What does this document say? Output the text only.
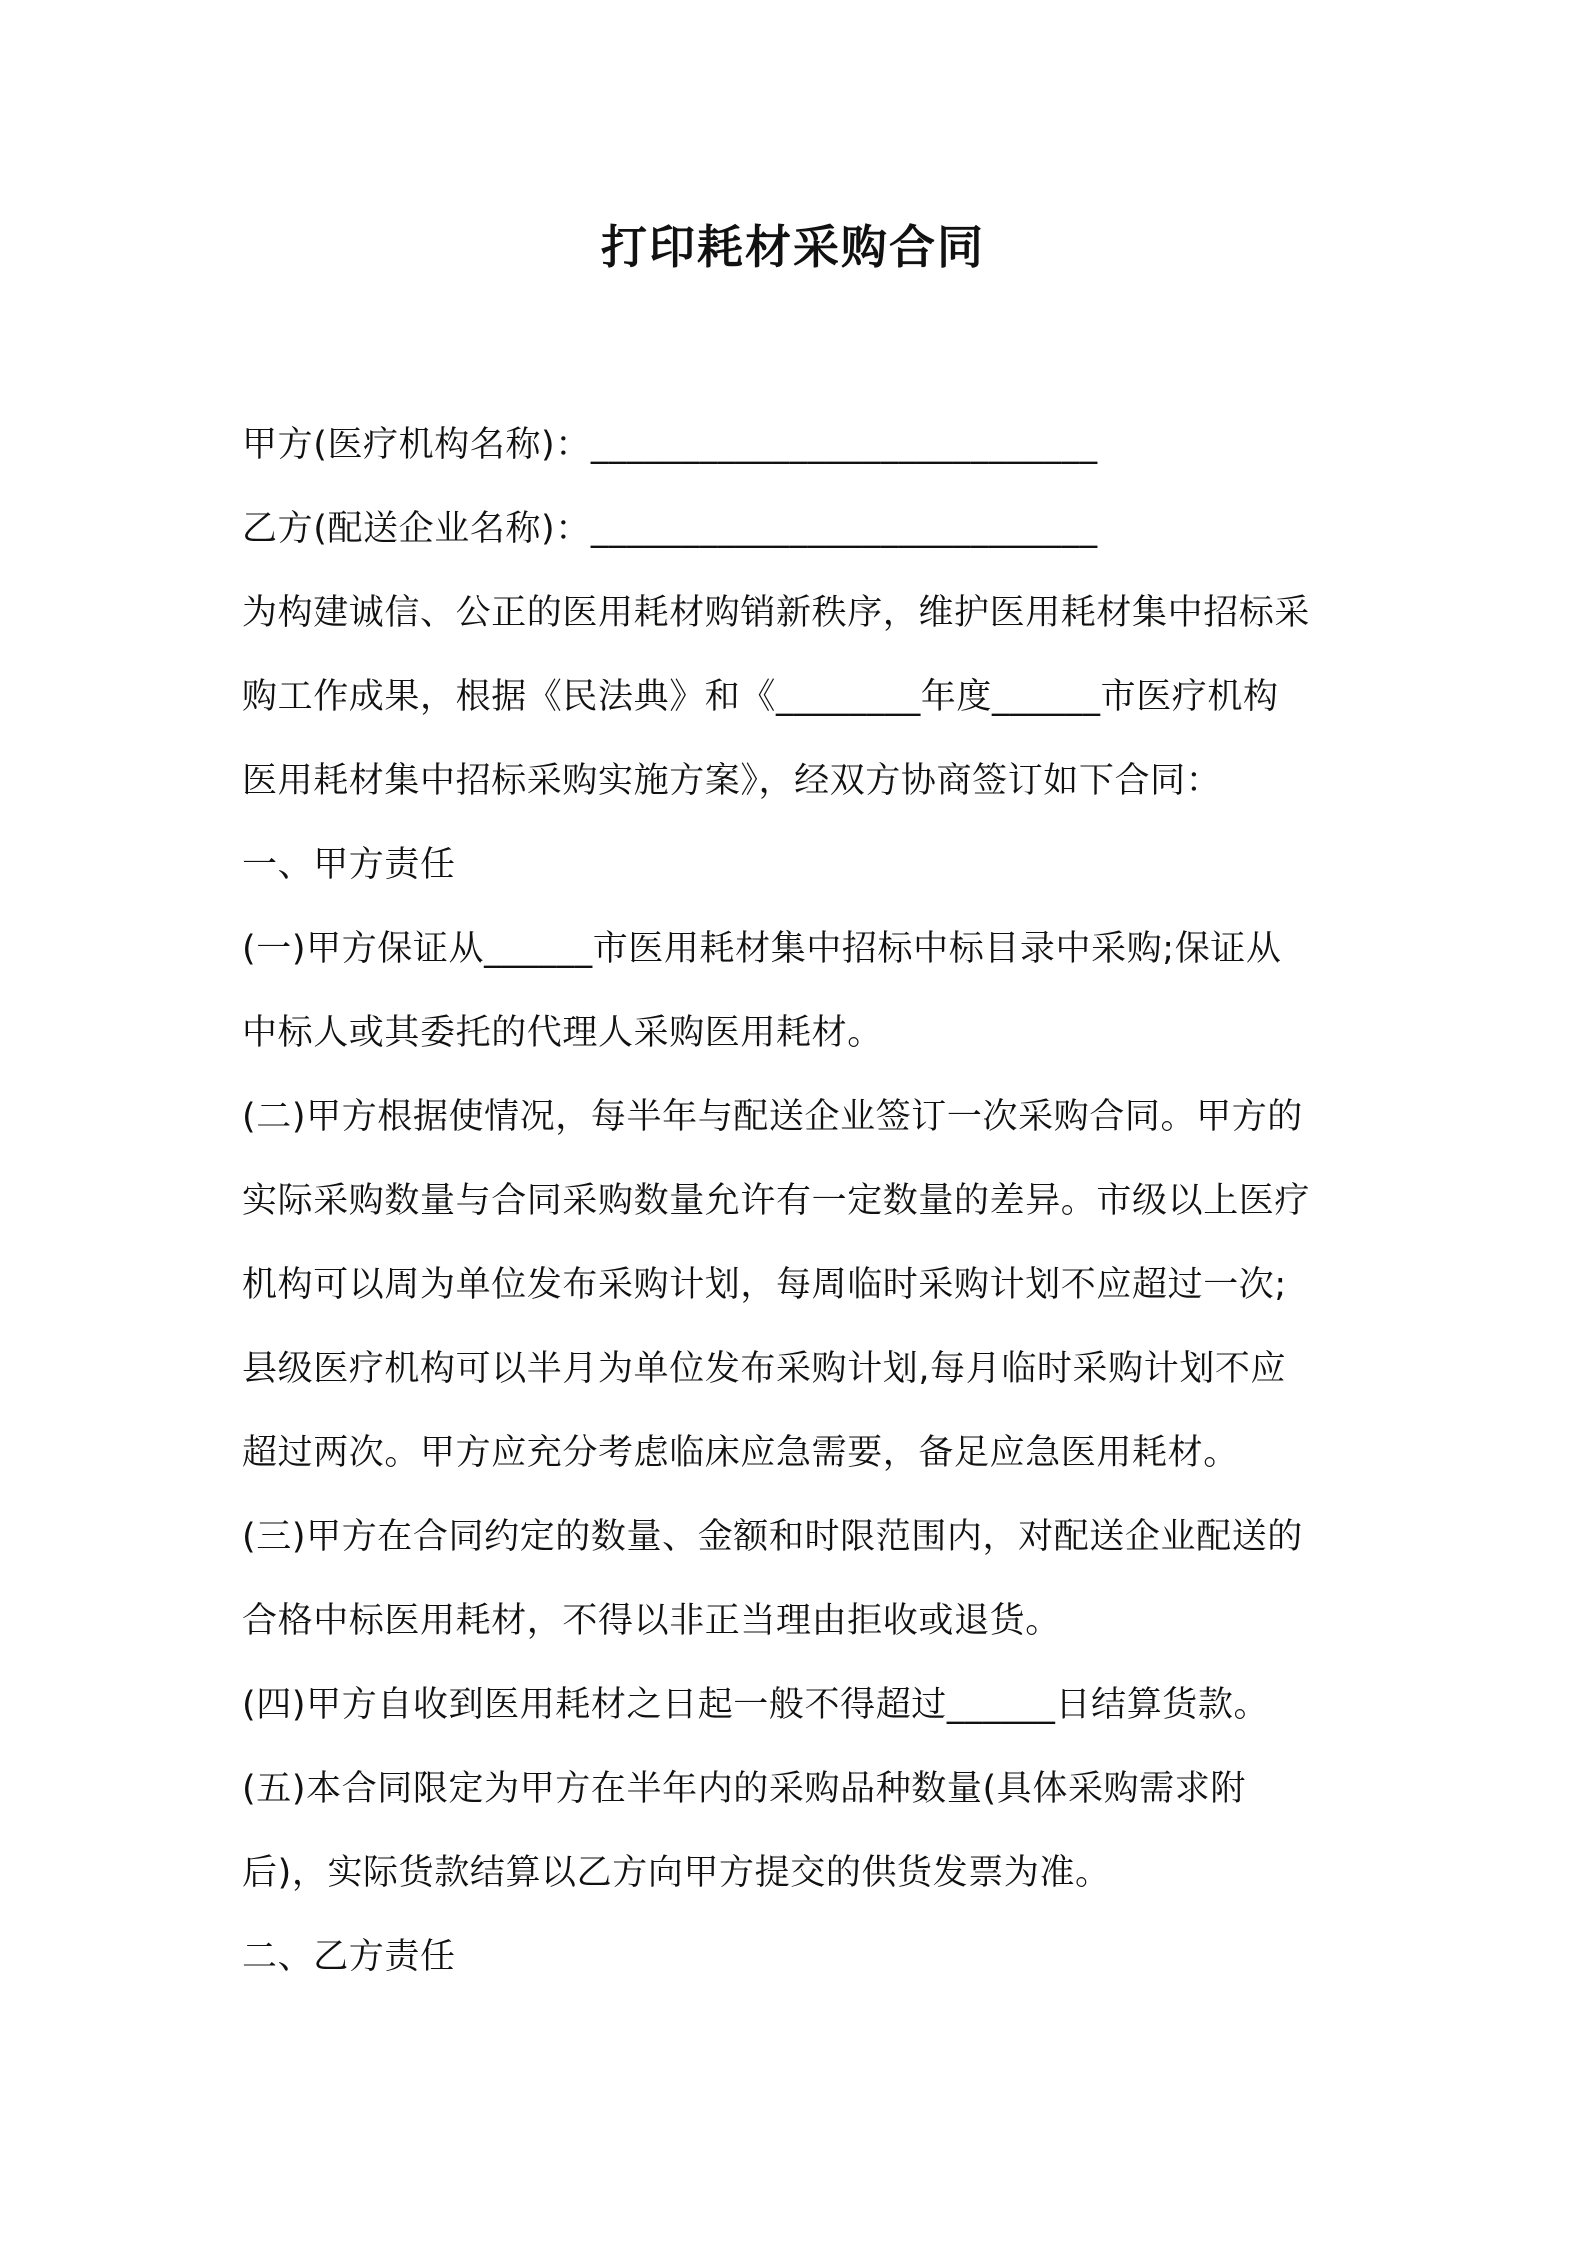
打印耗材采购合同
甲方(医疗机构名称)：____________________________
乙方(配送企业名称)：____________________________
为构建诚信、公正的医用耗材购销新秩序，维护医用耗材集中招标采
购工作成果，根据《民法典》和《________年度______市医疗机构
医用耗材集中招标采购实施方案》，经双方协商签订如下合同：
一、甲方责任
(一)甲方保证从______市医用耗材集中招标中标目录中采购;保证从
中标人或其委托的代理人采购医用耗材。
(二)甲方根据使情况，每半年与配送企业签订一次采购合同。甲方的
实际采购数量与合同采购数量允许有一定数量的差异。市级以上医疗
机构可以周为单位发布采购计划，每周临时采购计划不应超过一次;
县级医疗机构可以半月为单位发布采购计划,每月临时采购计划不应
超过两次。甲方应充分考虑临床应急需要，备足应急医用耗材。
(三)甲方在合同约定的数量、金额和时限范围内，对配送企业配送的
合格中标医用耗材，不得以非正当理由拒收或退货。
(四)甲方自收到医用耗材之日起一般不得超过______日结算货款。
(五)本合同限定为甲方在半年内的采购品种数量(具体采购需求附
后)，实际货款结算以乙方向甲方提交的供货发票为准。
二、乙方责任
